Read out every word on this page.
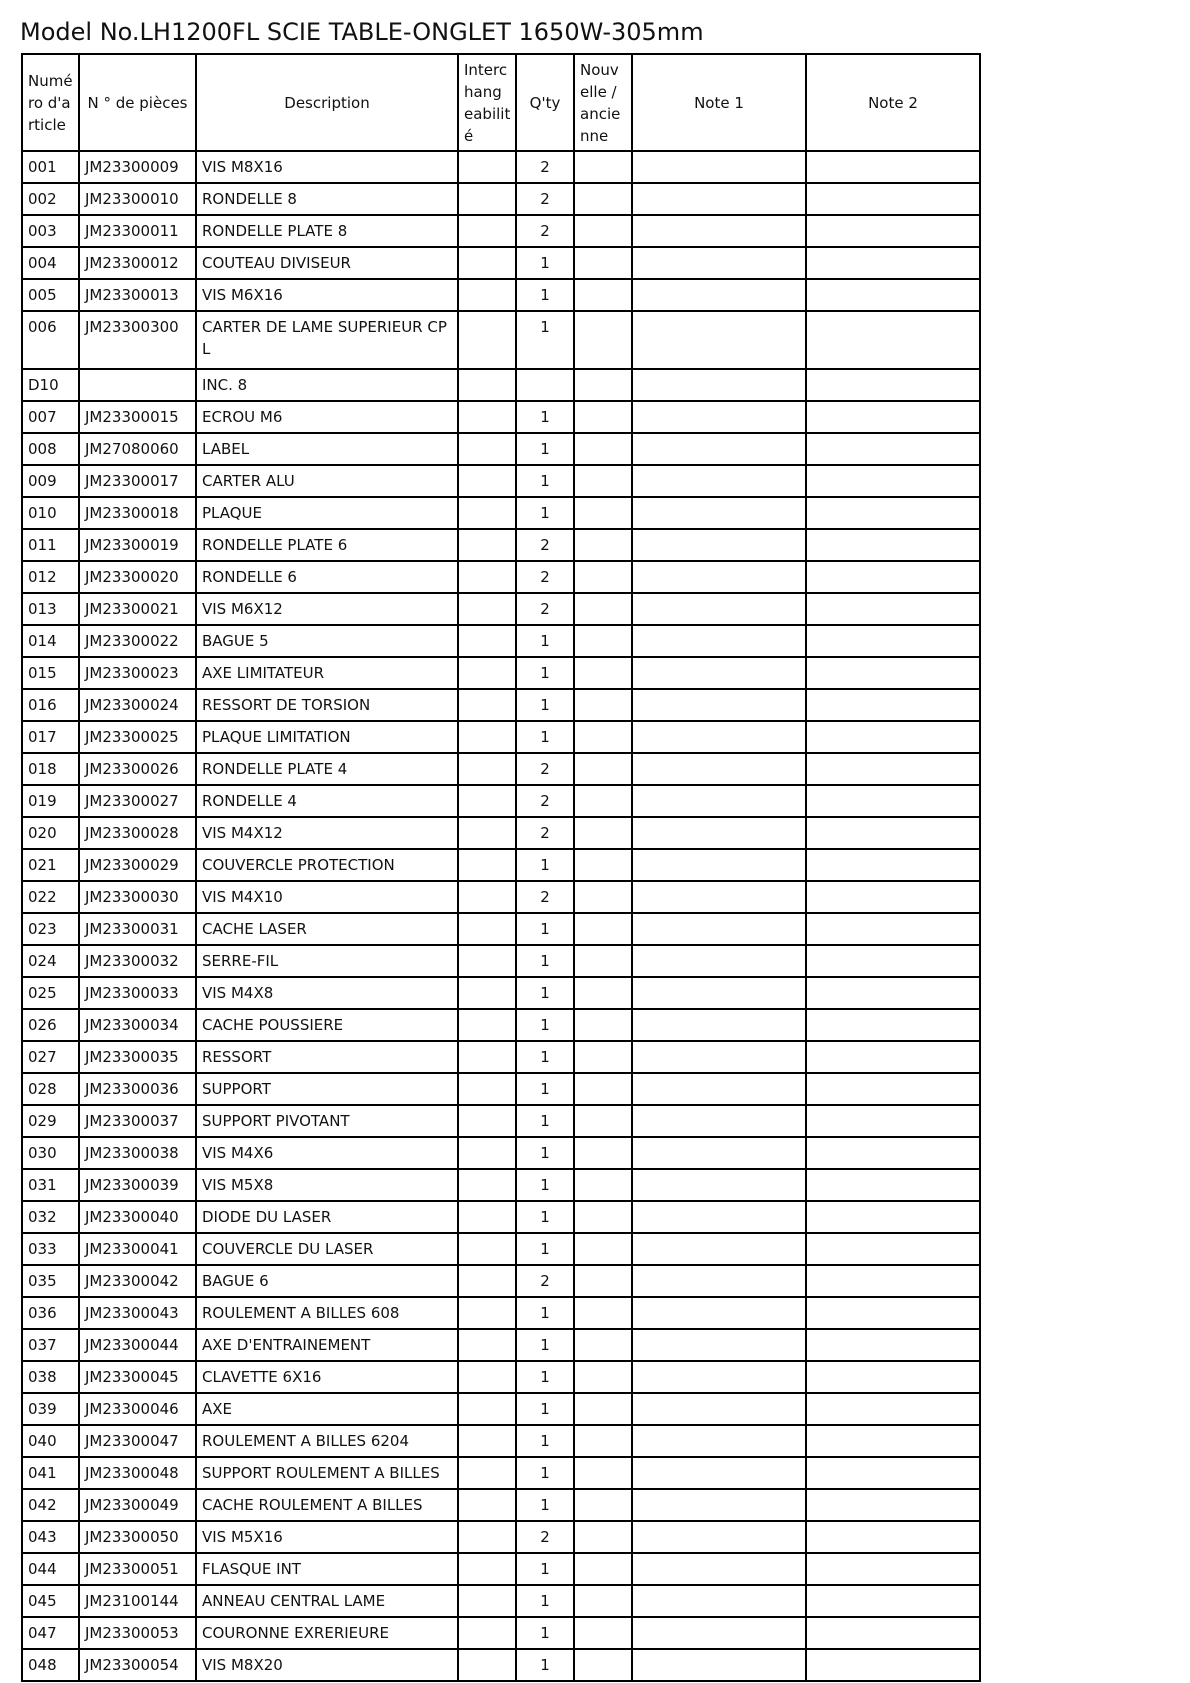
Model No.LH1200FL SCIE TABLE-ONGLET 1650W-305mm
Numé ro d'a rticle	N ° de pièces	Description	Interc hang eabilit é	Q'ty	Nouv elle / ancie nne	Note 1	Note 2

001	JM23300009	VIS M8X16		2			
002	JM23300010	RONDELLE 8		2			
003	JM23300011	RONDELLE PLATE 8		2			
004	JM23300012	COUTEAU DIVISEUR		1			
005	JM23300013	VIS M6X16		1			
006	JM23300300	CARTER DE LAME SUPERIEUR CP L		1			
D10		INC. 8					
007	JM23300015	ECROU M6		1			
008	JM27080060	LABEL		1			
009	JM23300017	CARTER ALU		1			
010	JM23300018	PLAQUE		1			
011	JM23300019	RONDELLE PLATE 6		2			
012	JM23300020	RONDELLE 6		2			
013	JM23300021	VIS M6X12		2			
014	JM23300022	BAGUE 5		1			
015	JM23300023	AXE LIMITATEUR		1			
016	JM23300024	RESSORT DE TORSION		1			
017	JM23300025	PLAQUE LIMITATION		1			
018	JM23300026	RONDELLE PLATE 4		2			
019	JM23300027	RONDELLE 4		2			
020	JM23300028	VIS M4X12		2			
021	JM23300029	COUVERCLE PROTECTION		1			
022	JM23300030	VIS M4X10		2			
023	JM23300031	CACHE LASER		1			
024	JM23300032	SERRE-FIL		1			
025	JM23300033	VIS M4X8		1			
026	JM23300034	CACHE POUSSIERE		1			
027	JM23300035	RESSORT		1			
028	JM23300036	SUPPORT		1			
029	JM23300037	SUPPORT PIVOTANT		1			
030	JM23300038	VIS M4X6		1			
031	JM23300039	VIS M5X8		1			
032	JM23300040	DIODE DU LASER		1			
033	JM23300041	COUVERCLE DU LASER		1			
035	JM23300042	BAGUE 6		2			
036	JM23300043	ROULEMENT A BILLES 608		1			
037	JM23300044	AXE D'ENTRAINEMENT		1			
038	JM23300045	CLAVETTE 6X16		1			
039	JM23300046	AXE		1			
040	JM23300047	ROULEMENT A BILLES 6204		1			
041	JM23300048	SUPPORT ROULEMENT A BILLES		1			
042	JM23300049	CACHE ROULEMENT A BILLES		1			
043	JM23300050	VIS M5X16		2			
044	JM23300051	FLASQUE INT		1			
045	JM23100144	ANNEAU CENTRAL LAME		1			
047	JM23300053	COURONNE EXRERIEURE		1			
048	JM23300054	VIS M8X20		1			
